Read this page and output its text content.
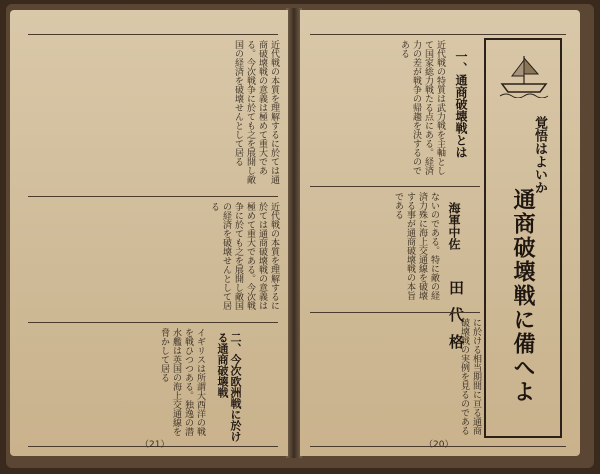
近代戦の本質を理解するに於ては通商破壊戦の意義は極めて重大である。今次戦争に於ても之を展開し敵国の経済を破壊せんとして居る
近代戦の本質を理解するに於ては通商破壊戦の意義は極めて重大である。今次戦争に於ても之を展開し敵国の経済を破壊せんとして居る
二、今次欧洲戦に於ける通商破壊戦
イギリスは所謂大西洋の戦を戦ひつつある。独逸の潜水艦は英国の海上交通線を脅かして居る
（21）
覚悟はよいか
通商破壊戦に備へよ
海軍中佐
田代格
一、通商破壊戦とは
近代戦の特質は武力戦を主軸として国家総力戦たる点にある。経済力の差が戦争の帰趨を決するのである
ないのである。特に敵の経済力殊に海上交通線を破壊する事が通商破壊戦の本旨である
に於ける相当期間に亘る通商破壊戦の実例を見るのである
（20）
